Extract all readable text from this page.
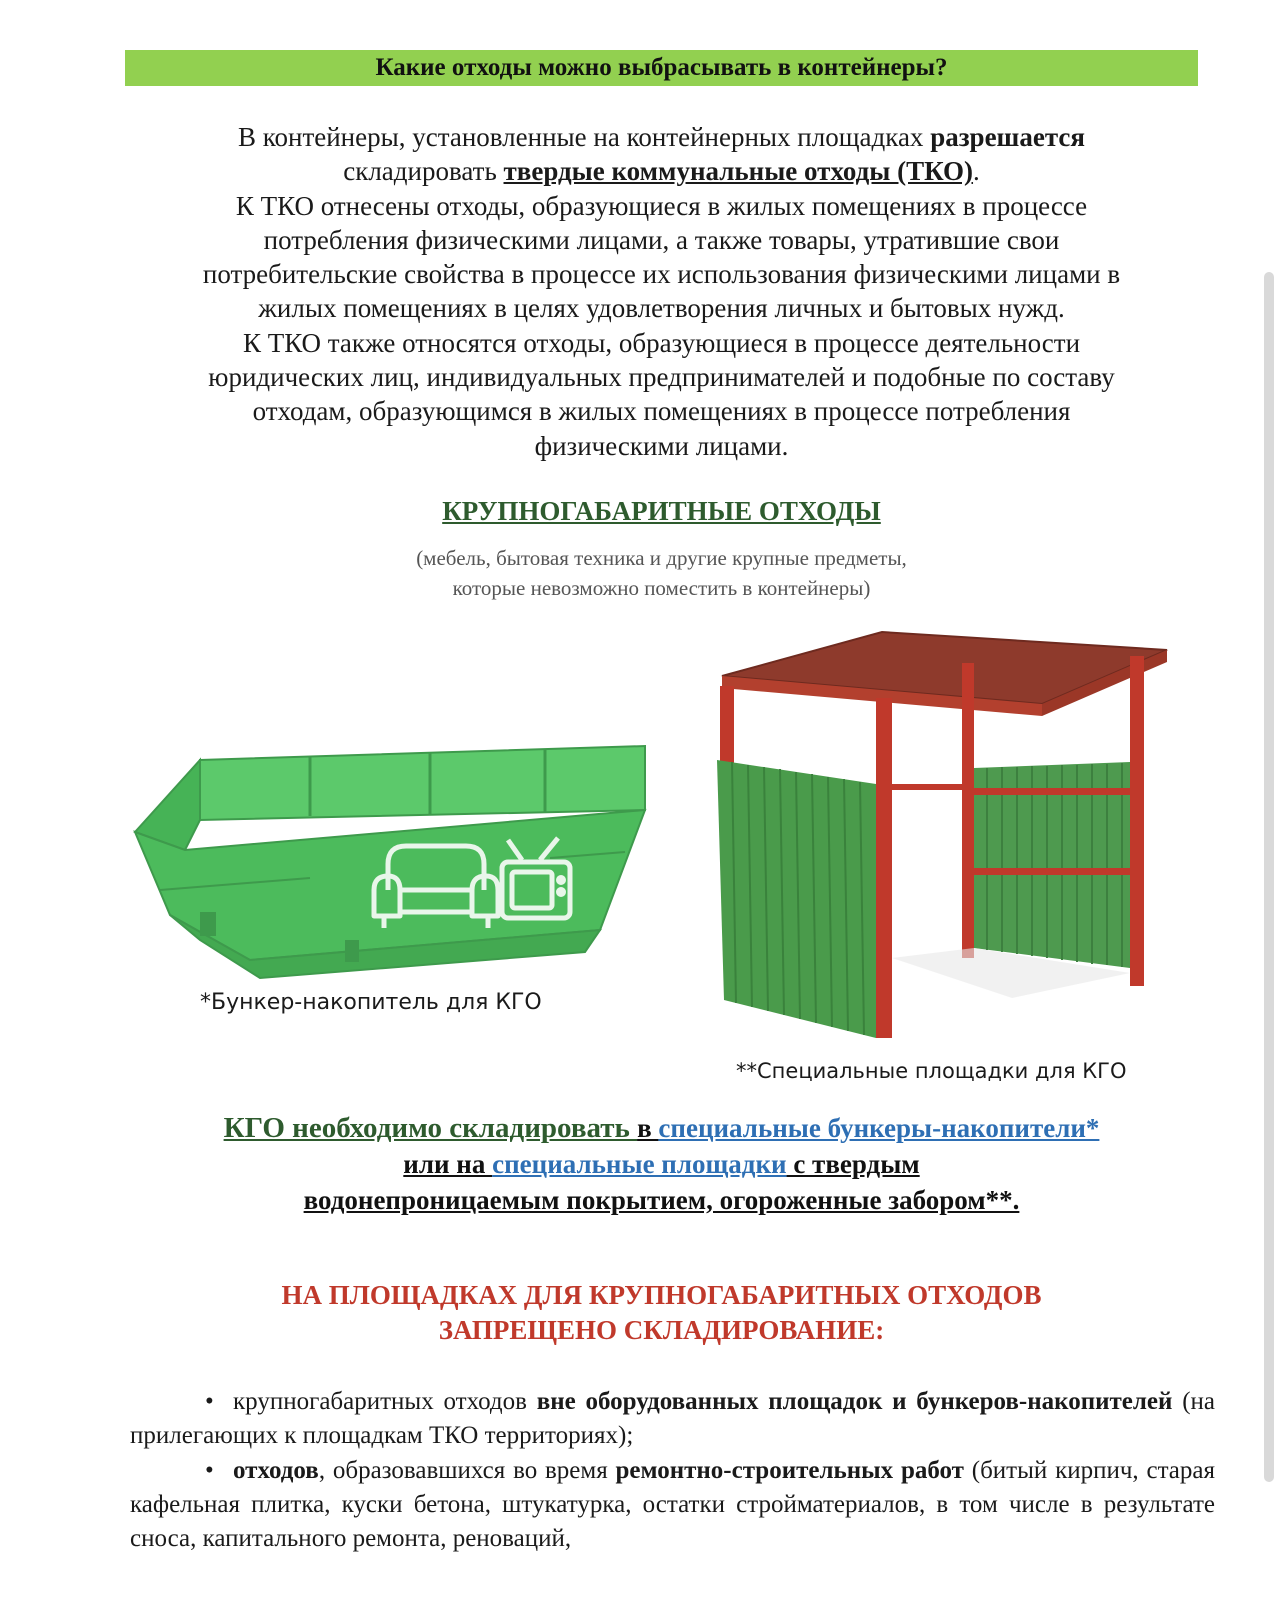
Какие отходы можно выбрасывать в контейнеры?
В контейнеры, установленные на контейнерных площадках разрешается
складировать твердые коммунальные отходы (ТКО).
К ТКО отнесены отходы, образующиеся в жилых помещениях в процессе
потребления физическими лицами, а также товары, утратившие свои
потребительские свойства в процессе их использования физическими лицами в
жилых помещениях в целях удовлетворения личных и бытовых нужд.
К ТКО также относятся отходы, образующиеся в процессе деятельности
юридических лиц, индивидуальных предпринимателей и подобные по составу
отходам, образующимся в жилых помещениях в процессе потребления
физическими лицами.
КРУПНОГАБАРИТНЫЕ ОТХОДЫ
(мебель, бытовая техника и другие крупные предметы,
которые невозможно поместить в контейнеры)
*Бункер-накопитель для КГО
**Специальные площадки для КГО
КГО необходимо складировать в специальные бункеры-накопители*
или на специальные площадки с твердым
водонепроницаемым покрытием, огороженные забором**.
НА ПЛОЩАДКАХ ДЛЯ КРУПНОГАБАРИТНЫХ ОТХОДОВ
ЗАПРЕЩЕНО СКЛАДИРОВАНИЕ:

• крупногабаритных отходов вне оборудованных площадок и бункеров-накопителей (на прилегающих к площадкам ТКО территориях);

• отходов, образовавшихся во время ремонтно-строительных работ (битый кирпич, старая кафельная плитка, куски бетона, штукатурка, остатки стройматериалов, в том числе в результате сноса, капитального ремонта, реноваций,
